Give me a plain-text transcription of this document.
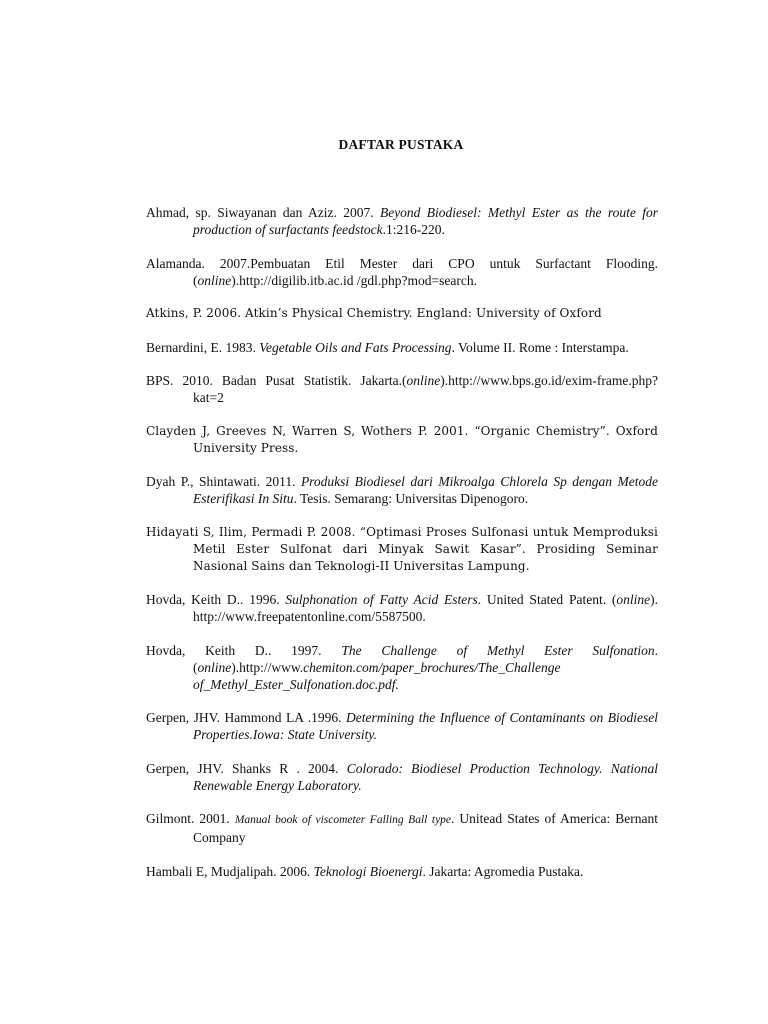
DAFTAR PUSTAKA

Ahmad, sp. Siwayanan dan Aziz. 2007. Beyond Biodiesel: Methyl Ester as the route for production of surfactants feedstock.1:216-220.

Alamanda. 2007.Pembuatan Etil Mester dari CPO untuk Surfactant Flooding.(online).http://digilib.itb.ac.id /gdl.php?mod=search.

Atkins, P. 2006. Atkin’s Physical Chemistry. England: University of Oxford

Bernardini, E. 1983. Vegetable Oils and Fats Processing. Volume II. Rome : Interstampa.

BPS. 2010. Badan Pusat Statistik. Jakarta.(online).http://www.bps.go.id/exim-frame.php?kat=2

Clayden J, Greeves N, Warren S, Wothers P. 2001. “Organic Chemistry”. Oxford University Press.

Dyah P., Shintawati. 2011. Produksi Biodiesel dari Mikroalga Chlorela Sp dengan Metode Esterifikasi In Situ. Tesis. Semarang: Universitas Dipenogoro.

Hidayati S, Ilim, Permadi P. 2008. “Optimasi Proses Sulfonasi untuk Memproduksi Metil Ester Sulfonat dari Minyak Sawit Kasar”. Prosiding Seminar Nasional Sains dan Teknologi-II Universitas Lampung.

Hovda, Keith D.. 1996. Sulphonation of Fatty Acid Esters. United Stated Patent. (online). http://www.freepatentonline.com/5587500.

Hovda, Keith D.. 1997. The Challenge of Methyl Ester Sulfonation.(online).http://www.chemiton.com/paper_brochures/The_Challenge of_Methyl_Ester_Sulfonation.doc.pdf.

Gerpen, JHV. Hammond LA .1996. Determining the Influence of Contaminants on Biodiesel Properties.Iowa: State University.

Gerpen, JHV. Shanks R . 2004. Colorado: Biodiesel Production Technology. National Renewable Energy Laboratory.

Gilmont. 2001. Manual book of viscometer Falling Ball type. Unitead States of America: Bernant Company

Hambali E, Mudjalipah. 2006. Teknologi Bioenergi. Jakarta: Agromedia Pustaka.
